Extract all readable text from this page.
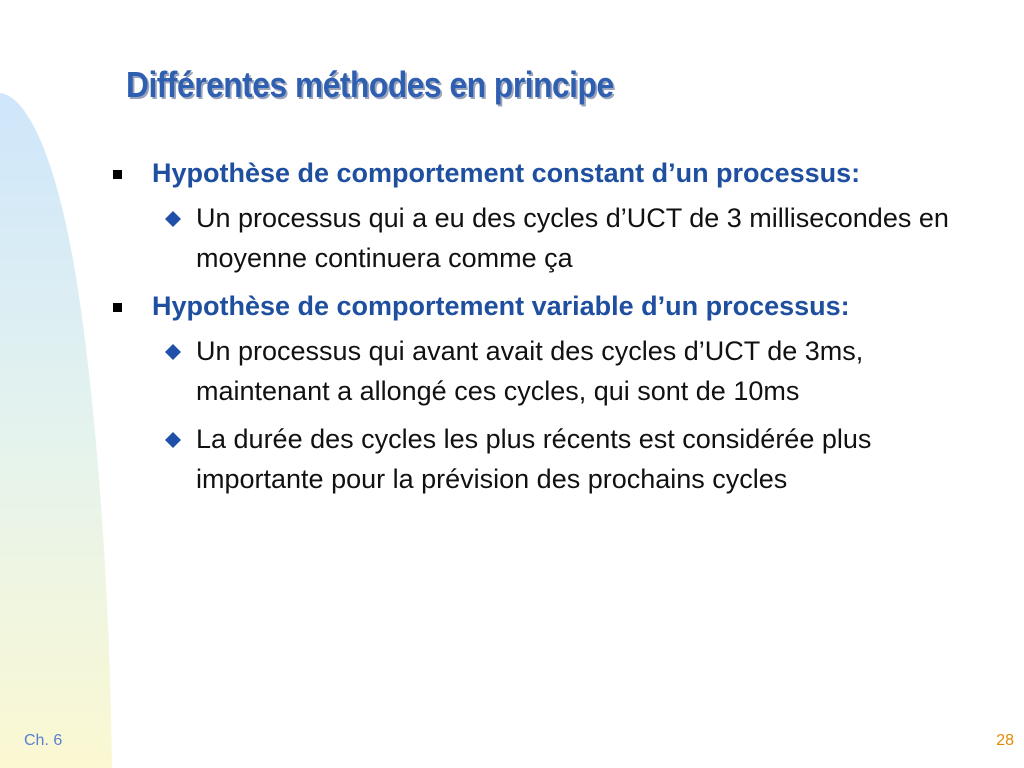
Différentes méthodes en principe
Hypothèse de comportement constant d’un processus:
Un processus qui a eu des cycles d’UCT de 3 millisecondes en moyenne continuera comme ça
Hypothèse de comportement variable d’un processus:
Un processus qui avant avait des cycles d’UCT de 3ms, maintenant a allongé ces cycles, qui sont de 10ms
La durée des cycles les plus récents est considérée plus importante pour la prévision des prochains cycles
Ch. 6	28
